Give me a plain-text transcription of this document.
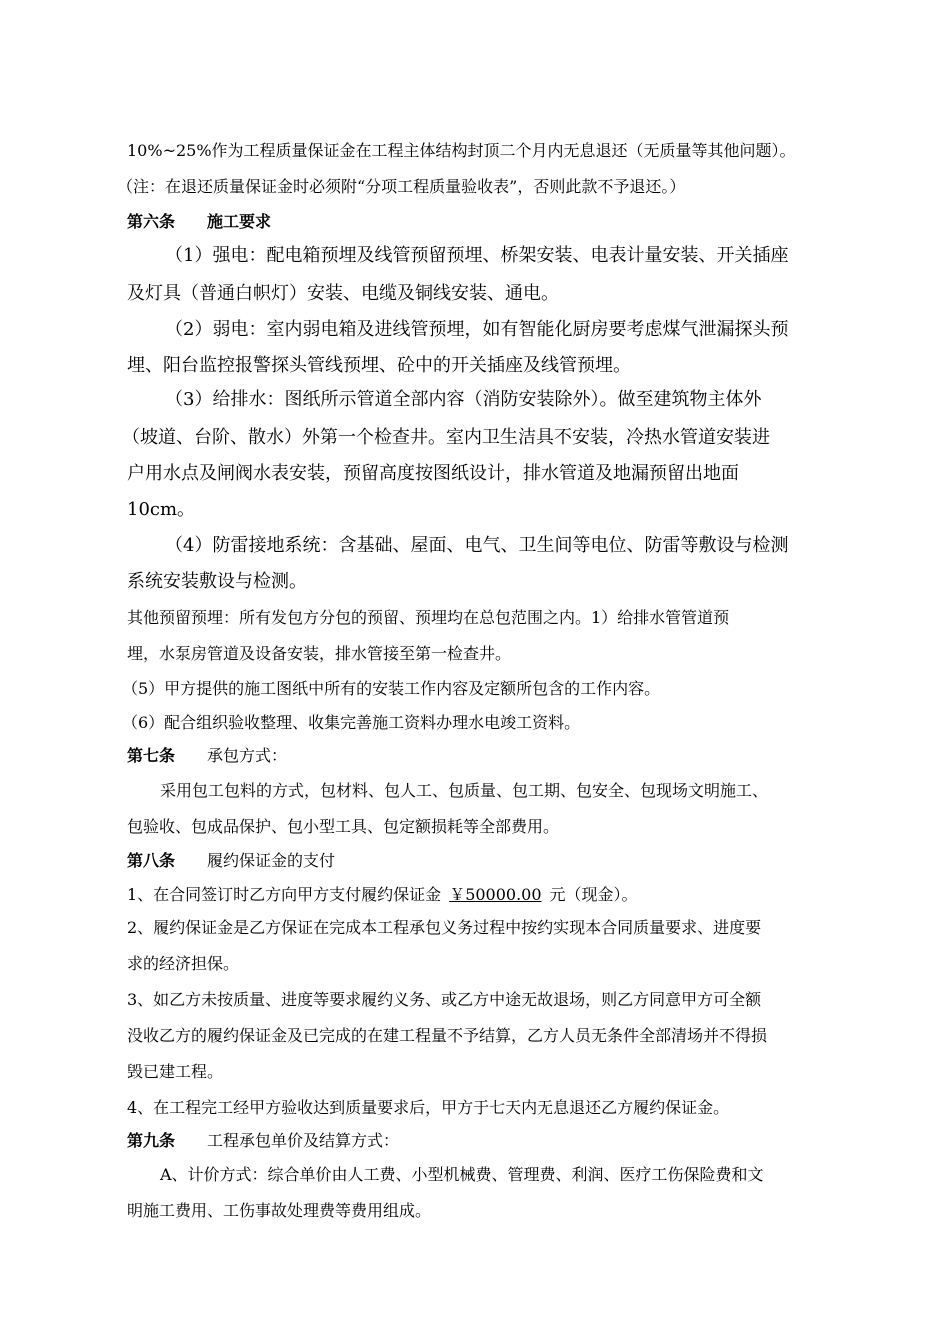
10%~25%作为工程质量保证金在工程主体结构封顶二个月内无息退还（无质量等其他问题）。
（注：在退还质量保证金时必须附“分项工程质量验收表”，否则此款不予退还。）
第六条 施工要求
（1）强电：配电箱预埋及线管预留预埋、桥架安装、电表计量安装、开关插座
及灯具（普通白帜灯）安装、电缆及铜线安装、通电。
（2）弱电：室内弱电箱及进线管预埋，如有智能化厨房要考虑煤气泄漏探头预
埋、阳台监控报警探头管线预埋、砼中的开关插座及线管预埋。
（3）给排水：图纸所示管道全部内容（消防安装除外）。做至建筑物主体外
（坡道、台阶、散水）外第一个检查井。室内卫生洁具不安装，冷热水管道安装进
户用水点及闸阀水表安装，预留高度按图纸设计，排水管道及地漏预留出地面
10cm。
（4）防雷接地系统：含基础、屋面、电气、卫生间等电位、防雷等敷设与检测
系统安装敷设与检测。
其他预留预埋：所有发包方分包的预留、预埋均在总包范围之内。1）给排水管管道预
埋，水泵房管道及设备安装，排水管接至第一检查井。
（5）甲方提供的施工图纸中所有的安装工作内容及定额所包含的工作内容。
（6）配合组织验收整理、收集完善施工资料办理水电竣工资料。
第七条 承包方式：
采用包工包料的方式，包材料、包人工、包质量、包工期、包安全、包现场文明施工、
包验收、包成品保护、包小型工具、包定额损耗等全部费用。
第八条 履约保证金的支付
1、在合同签订时乙方向甲方支付履约保证金 ￥50000.00 元（现金）。
2、履约保证金是乙方保证在完成本工程承包义务过程中按约实现本合同质量要求、进度要
求的经济担保。
3、如乙方未按质量、进度等要求履约义务、或乙方中途无故退场，则乙方同意甲方可全额
没收乙方的履约保证金及已完成的在建工程量不予结算，乙方人员无条件全部清场并不得损
毁已建工程。
4、在工程完工经甲方验收达到质量要求后，甲方于七天内无息退还乙方履约保证金。
第九条 工程承包单价及结算方式：
A、计价方式：综合单价由人工费、小型机械费、管理费、利润、医疗工伤保险费和文
明施工费用、工伤事故处理费等费用组成。
